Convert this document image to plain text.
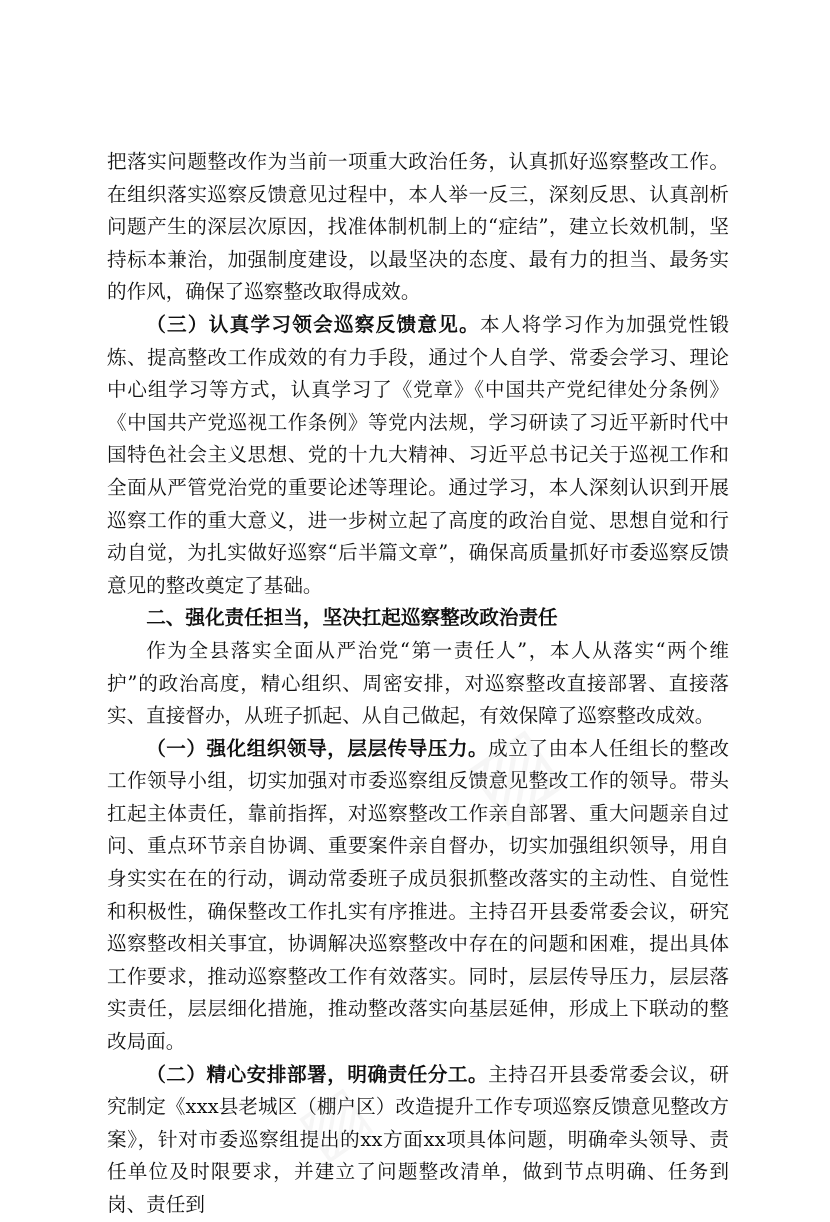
把落实问题整改作为当前一项重大政治任务，认真抓好巡察整改工作。在组织落实巡察反馈意见过程中，本人举一反三，深刻反思、认真剖析问题产生的深层次原因，找准体制机制上的“症结”，建立长效机制，坚持标本兼治，加强制度建设，以最坚决的态度、最有力的担当、最务实的作风，确保了巡察整改取得成效。

（三）认真学习领会巡察反馈意见。本人将学习作为加强党性锻炼、提高整改工作成效的有力手段，通过个人自学、常委会学习、理论中心组学习等方式，认真学习了《党章》《中国共产党纪律处分条例》《中国共产党巡视工作条例》等党内法规，学习研读了习近平新时代中国特色社会主义思想、党的十九大精神、习近平总书记关于巡视工作和全面从严管党治党的重要论述等理论。通过学习，本人深刻认识到开展巡察工作的重大意义，进一步树立起了高度的政治自觉、思想自觉和行动自觉，为扎实做好巡察“后半篇文章”，确保高质量抓好市委巡察反馈意见的整改奠定了基础。

二、强化责任担当，坚决扛起巡察整改政治责任

作为全县落实全面从严治党“第一责任人”，本人从落实“两个维护”的政治高度，精心组织、周密安排，对巡察整改直接部署、直接落实、直接督办，从班子抓起、从自己做起，有效保障了巡察整改成效。

（一）强化组织领导，层层传导压力。成立了由本人任组长的整改工作领导小组，切实加强对市委巡察组反馈意见整改工作的领导。带头扛起主体责任，靠前指挥，对巡察整改工作亲自部署、重大问题亲自过问、重点环节亲自协调、重要案件亲自督办，切实加强组织领导，用自身实实在在的行动，调动常委班子成员狠抓整改落实的主动性、自觉性和积极性，确保整改工作扎实有序推进。主持召开县委常委会议，研究巡察整改相关事宜，协调解决巡察整改中存在的问题和困难，提出具体工作要求，推动巡察整改工作有效落实。同时，层层传导压力，层层落实责任，层层细化措施，推动整改落实向基层延伸，形成上下联动的整改局面。

（二）精心安排部署，明确责任分工。主持召开县委常委会议，研究制定《xxx县老城区（棚户区）改造提升工作专项巡察反馈意见整改方案》，针对市委巡察组提出的xx方面xx项具体问题，明确牵头领导、责任单位及时限要求，并建立了问题整改清单，做到节点明确、任务到岗、责任到
